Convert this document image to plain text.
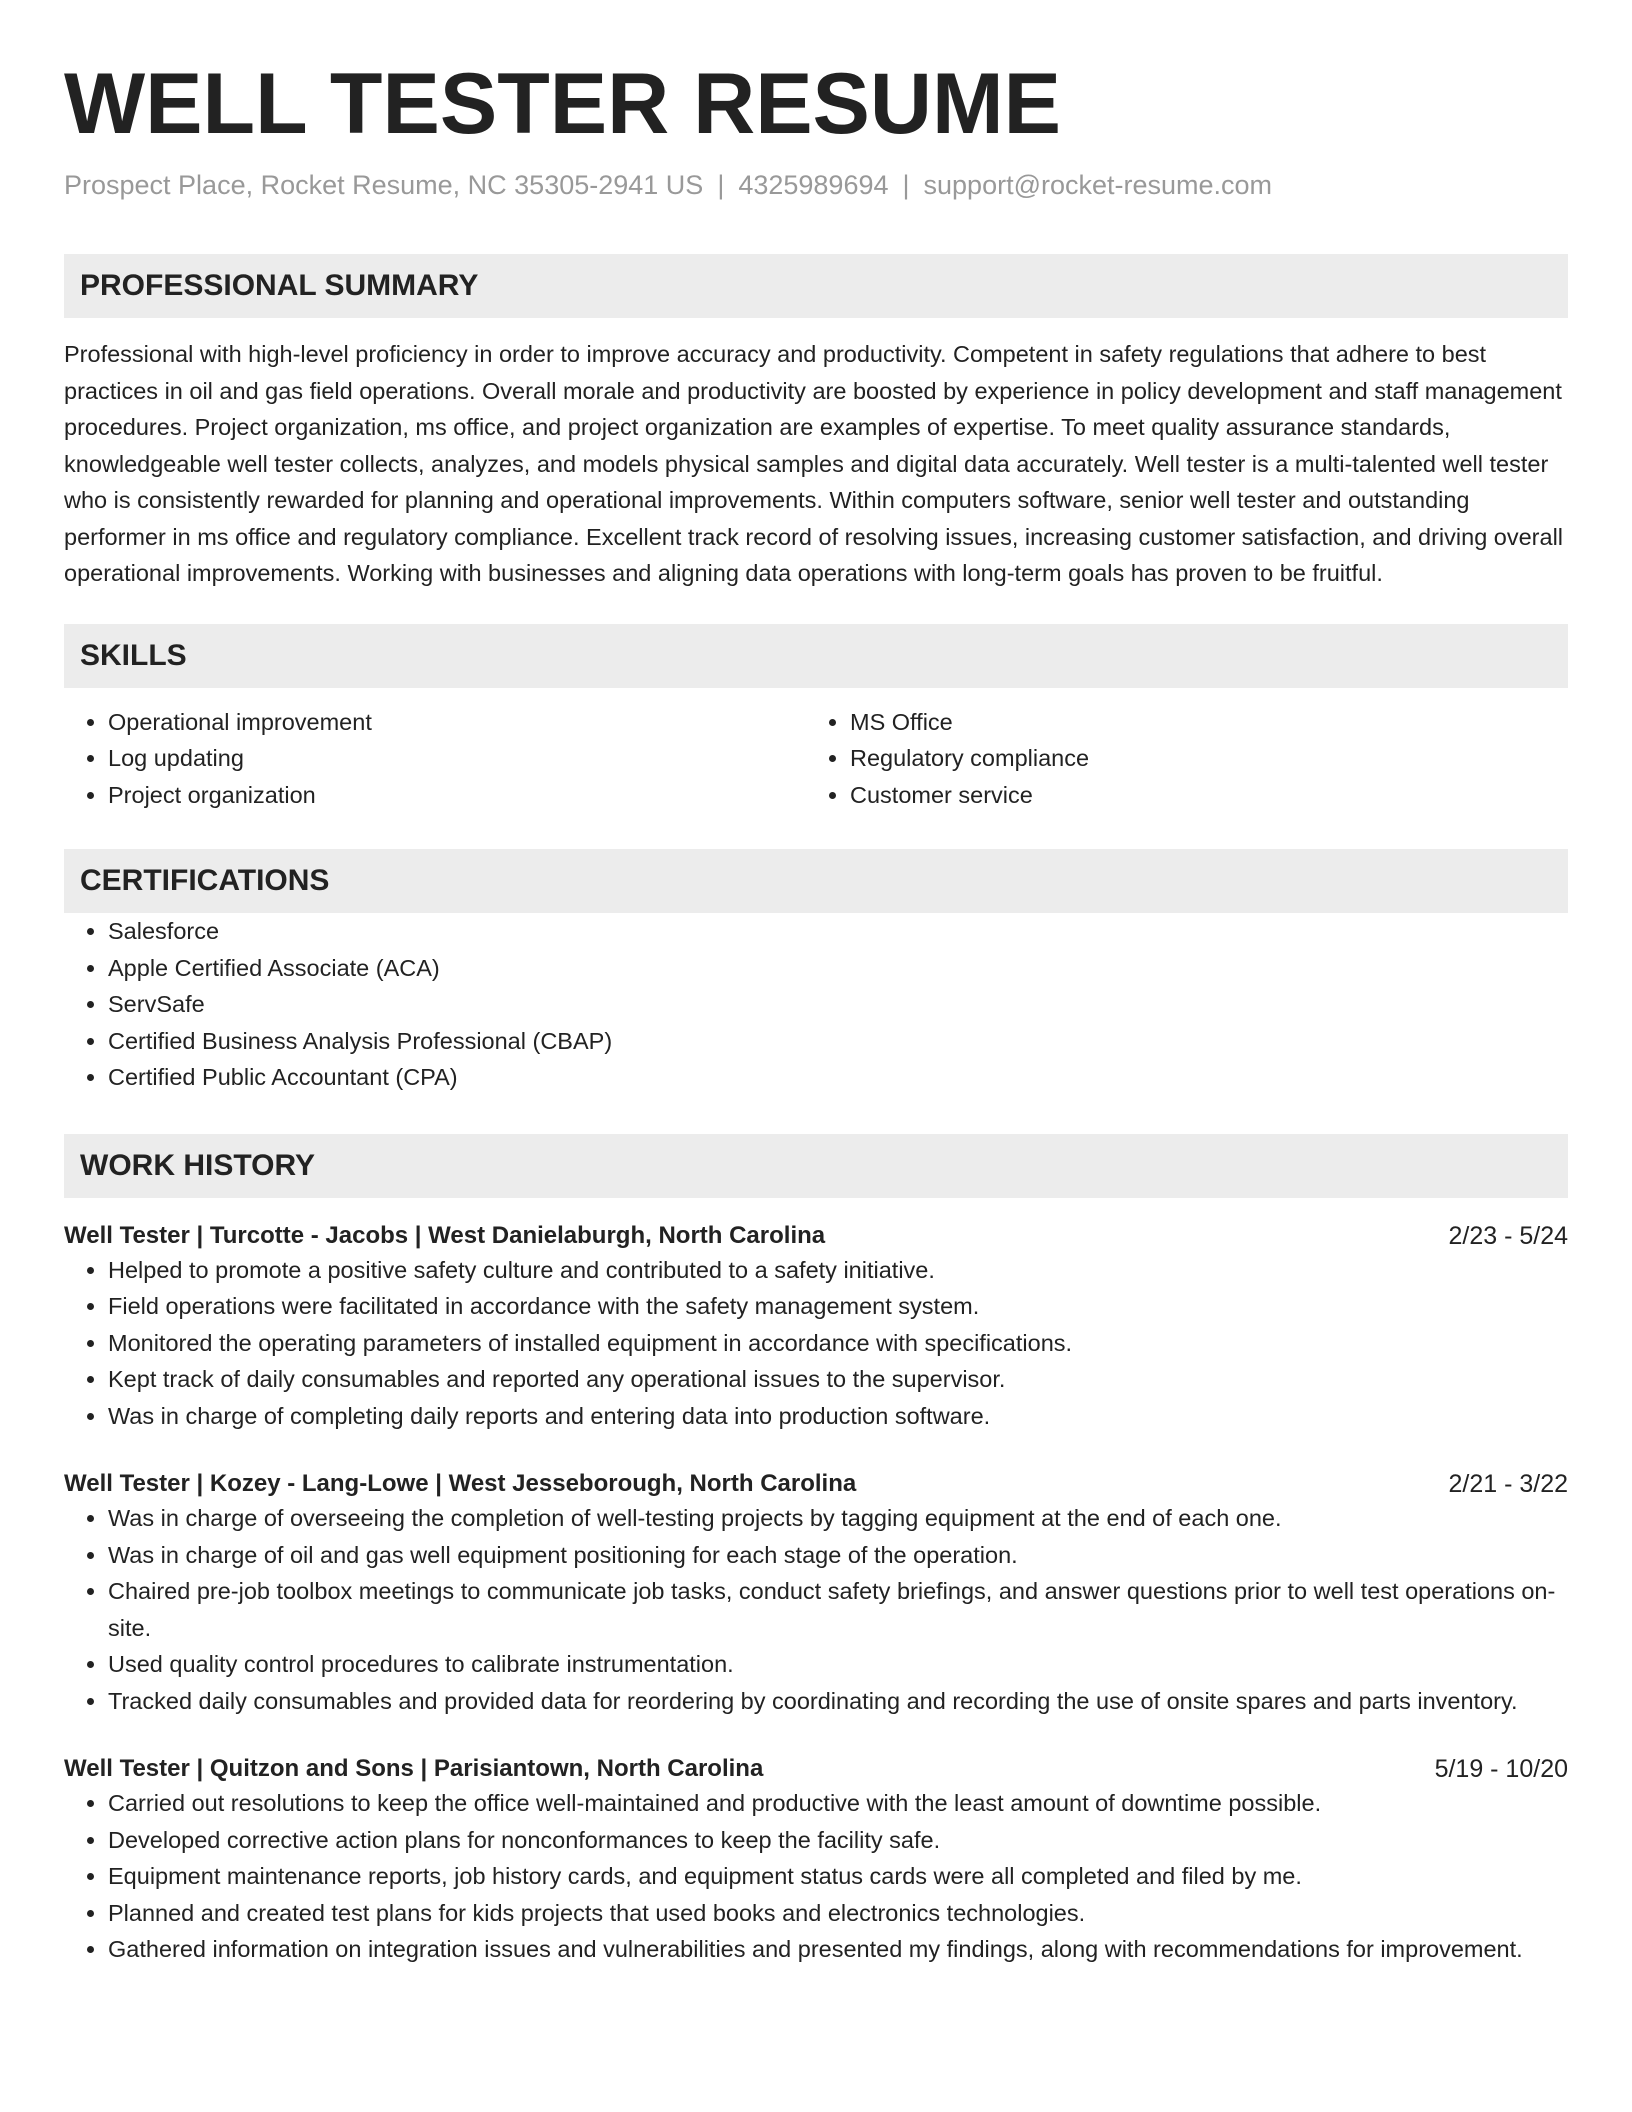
WELL TESTER RESUME
Prospect Place, Rocket Resume, NC 35305-2941 US | 4325989694 | support@rocket-resume.com
PROFESSIONAL SUMMARY

Professional with high-level proficiency in order to improve accuracy and productivity. Competent in safety regulations that adhere to best practices in oil and gas field operations. Overall morale and productivity are boosted by experience in policy development and staff management procedures. Project organization, ms office, and project organization are examples of expertise. To meet quality assurance standards, knowledgeable well tester collects, analyzes, and models physical samples and digital data accurately. Well tester is a multi-talented well tester who is consistently rewarded for planning and operational improvements. Within computers software, senior well tester and outstanding performer in ms office and regulatory compliance. Excellent track record of resolving issues, increasing customer satisfaction, and driving overall operational improvements. Working with businesses and aligning data operations with long-term goals has proven to be fruitful.

SKILLS
• Operational improvement
• Log updating
• Project organization
• MS Office
• Regulatory compliance
• Customer service
CERTIFICATIONS
• Salesforce
• Apple Certified Associate (ACA)
• ServSafe
• Certified Business Analysis Professional (CBAP)
• Certified Public Accountant (CPA)
WORK HISTORY
Well Tester | Turcotte - Jacobs | West Danielaburgh, North Carolina	2/23 - 5/24
• Helped to promote a positive safety culture and contributed to a safety initiative.
• Field operations were facilitated in accordance with the safety management system.
• Monitored the operating parameters of installed equipment in accordance with specifications.
• Kept track of daily consumables and reported any operational issues to the supervisor.
• Was in charge of completing daily reports and entering data into production software.
Well Tester | Kozey - Lang-Lowe | West Jesseborough, North Carolina	2/21 - 3/22
• Was in charge of overseeing the completion of well-testing projects by tagging equipment at the end of each one.
• Was in charge of oil and gas well equipment positioning for each stage of the operation.
• Chaired pre-job toolbox meetings to communicate job tasks, conduct safety briefings, and answer questions prior to well test operations on-site.
• Used quality control procedures to calibrate instrumentation.
• Tracked daily consumables and provided data for reordering by coordinating and recording the use of onsite spares and parts inventory.
Well Tester | Quitzon and Sons | Parisiantown, North Carolina	5/19 - 10/20
• Carried out resolutions to keep the office well-maintained and productive with the least amount of downtime possible.
• Developed corrective action plans for nonconformances to keep the facility safe.
• Equipment maintenance reports, job history cards, and equipment status cards were all completed and filed by me.
• Planned and created test plans for kids projects that used books and electronics technologies.
• Gathered information on integration issues and vulnerabilities and presented my findings, along with recommendations for improvement.
